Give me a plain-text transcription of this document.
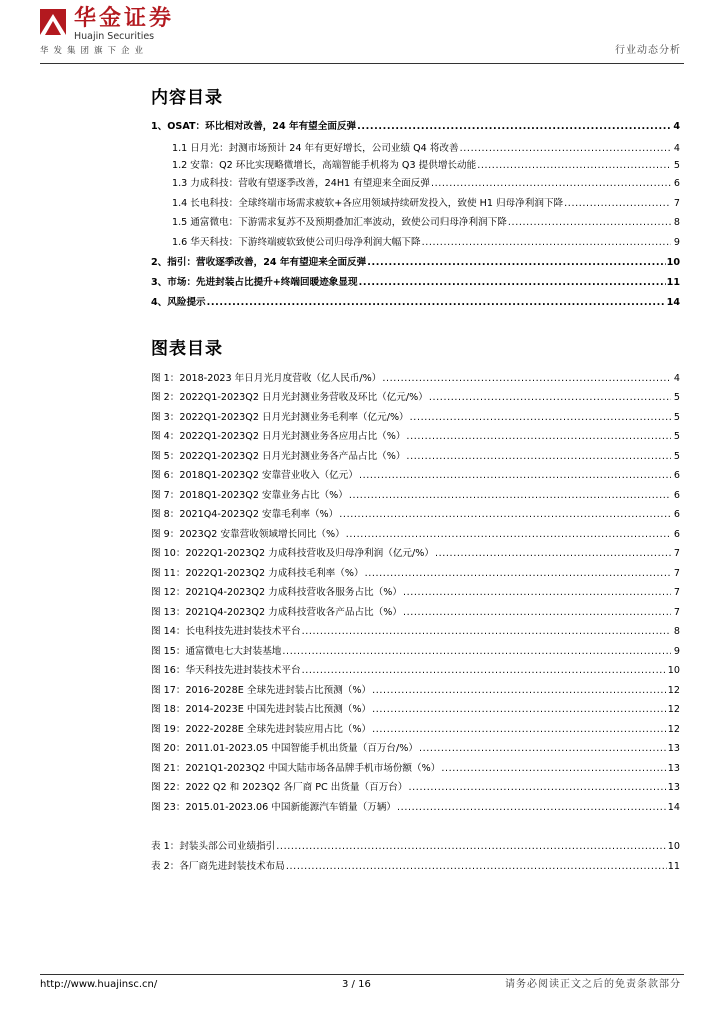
华金证券
Huajin Securities
华发集团旗下企业	行业动态分析
内容目录
1、OSAT：环比相对改善，24 年有望全面反弹 .....	4
1.1 日月光：封测市场预计 24 年有更好增长，公司业绩 Q4 将改善 .....	4
1.2 安靠：Q2 环比实现略微增长，高端智能手机将为 Q3 提供增长动能 .....	5
1.3 力成科技：营收有望逐季改善，24H1 有望迎来全面反弹 .....	6
1.4 长电科技：全球终端市场需求疲软+各应用领域持续研发投入，致使 H1 归母净利润下降 .....	7
1.5 通富微电：下游需求复苏不及预期叠加汇率波动，致使公司归母净利润下降 .....	8
1.6 华天科技：下游终端疲软致使公司归母净利润大幅下降 .....	9
2、指引：营收逐季改善，24 年有望迎来全面反弹 .....	10
3、市场：先进封装占比提升+终端回暖迹象显现 .....	11
4、风险提示 .....	14
图表目录
图 1：2018-2023 年日月光月度营收（亿人民币/%） .....	4
图 2：2022Q1-2023Q2 日月光封测业务营收及环比（亿元/%） .....	5
图 3：2022Q1-2023Q2 日月光封测业务毛利率（亿元/%） .....	5
图 4：2022Q1-2023Q2 日月光封测业务各应用占比（%） .....	5
图 5：2022Q1-2023Q2 日月光封测业务各产品占比（%） .....	5
图 6：2018Q1-2023Q2 安靠营业收入（亿元） .....	6
图 7：2018Q1-2023Q2 安靠业务占比（%） .....	6
图 8：2021Q4-2023Q2 安靠毛利率（%） .....	6
图 9：2023Q2 安靠营收领域增长同比（%） .....	6
图 10：2022Q1-2023Q2 力成科技营收及归母净利润（亿元/%） .....	7
图 11：2022Q1-2023Q2 力成科技毛利率（%） .....	7
图 12：2021Q4-2023Q2 力成科技营收各服务占比（%） .....	7
图 13：2021Q4-2023Q2 力成科技营收各产品占比（%） .....	7
图 14：长电科技先进封装技术平台 .....	8
图 15：通富微电七大封装基地 .....	9
图 16：华天科技先进封装技术平台 .....	10
图 17：2016-2028E 全球先进封装占比预测（%） .....	12
图 18：2014-2023E 中国先进封装占比预测（%） .....	12
图 19：2022-2028E 全球先进封装应用占比（%） .....	12
图 20：2011.01-2023.05 中国智能手机出货量（百万台/%） .....	13
图 21：2021Q1-2023Q2 中国大陆市场各品牌手机市场份额（%） .....	13
图 22：2022 Q2 和 2023Q2 各厂商 PC 出货量（百万台） .....	13
图 23：2015.01-2023.06 中国新能源汽车销量（万辆） .....	14
表 1：封装头部公司业绩指引 .....	10
表 2：各厂商先进封装技术布局 .....	11
http://www.huajinsc.cn/	3 / 16	请务必阅读正文之后的免责条款部分
